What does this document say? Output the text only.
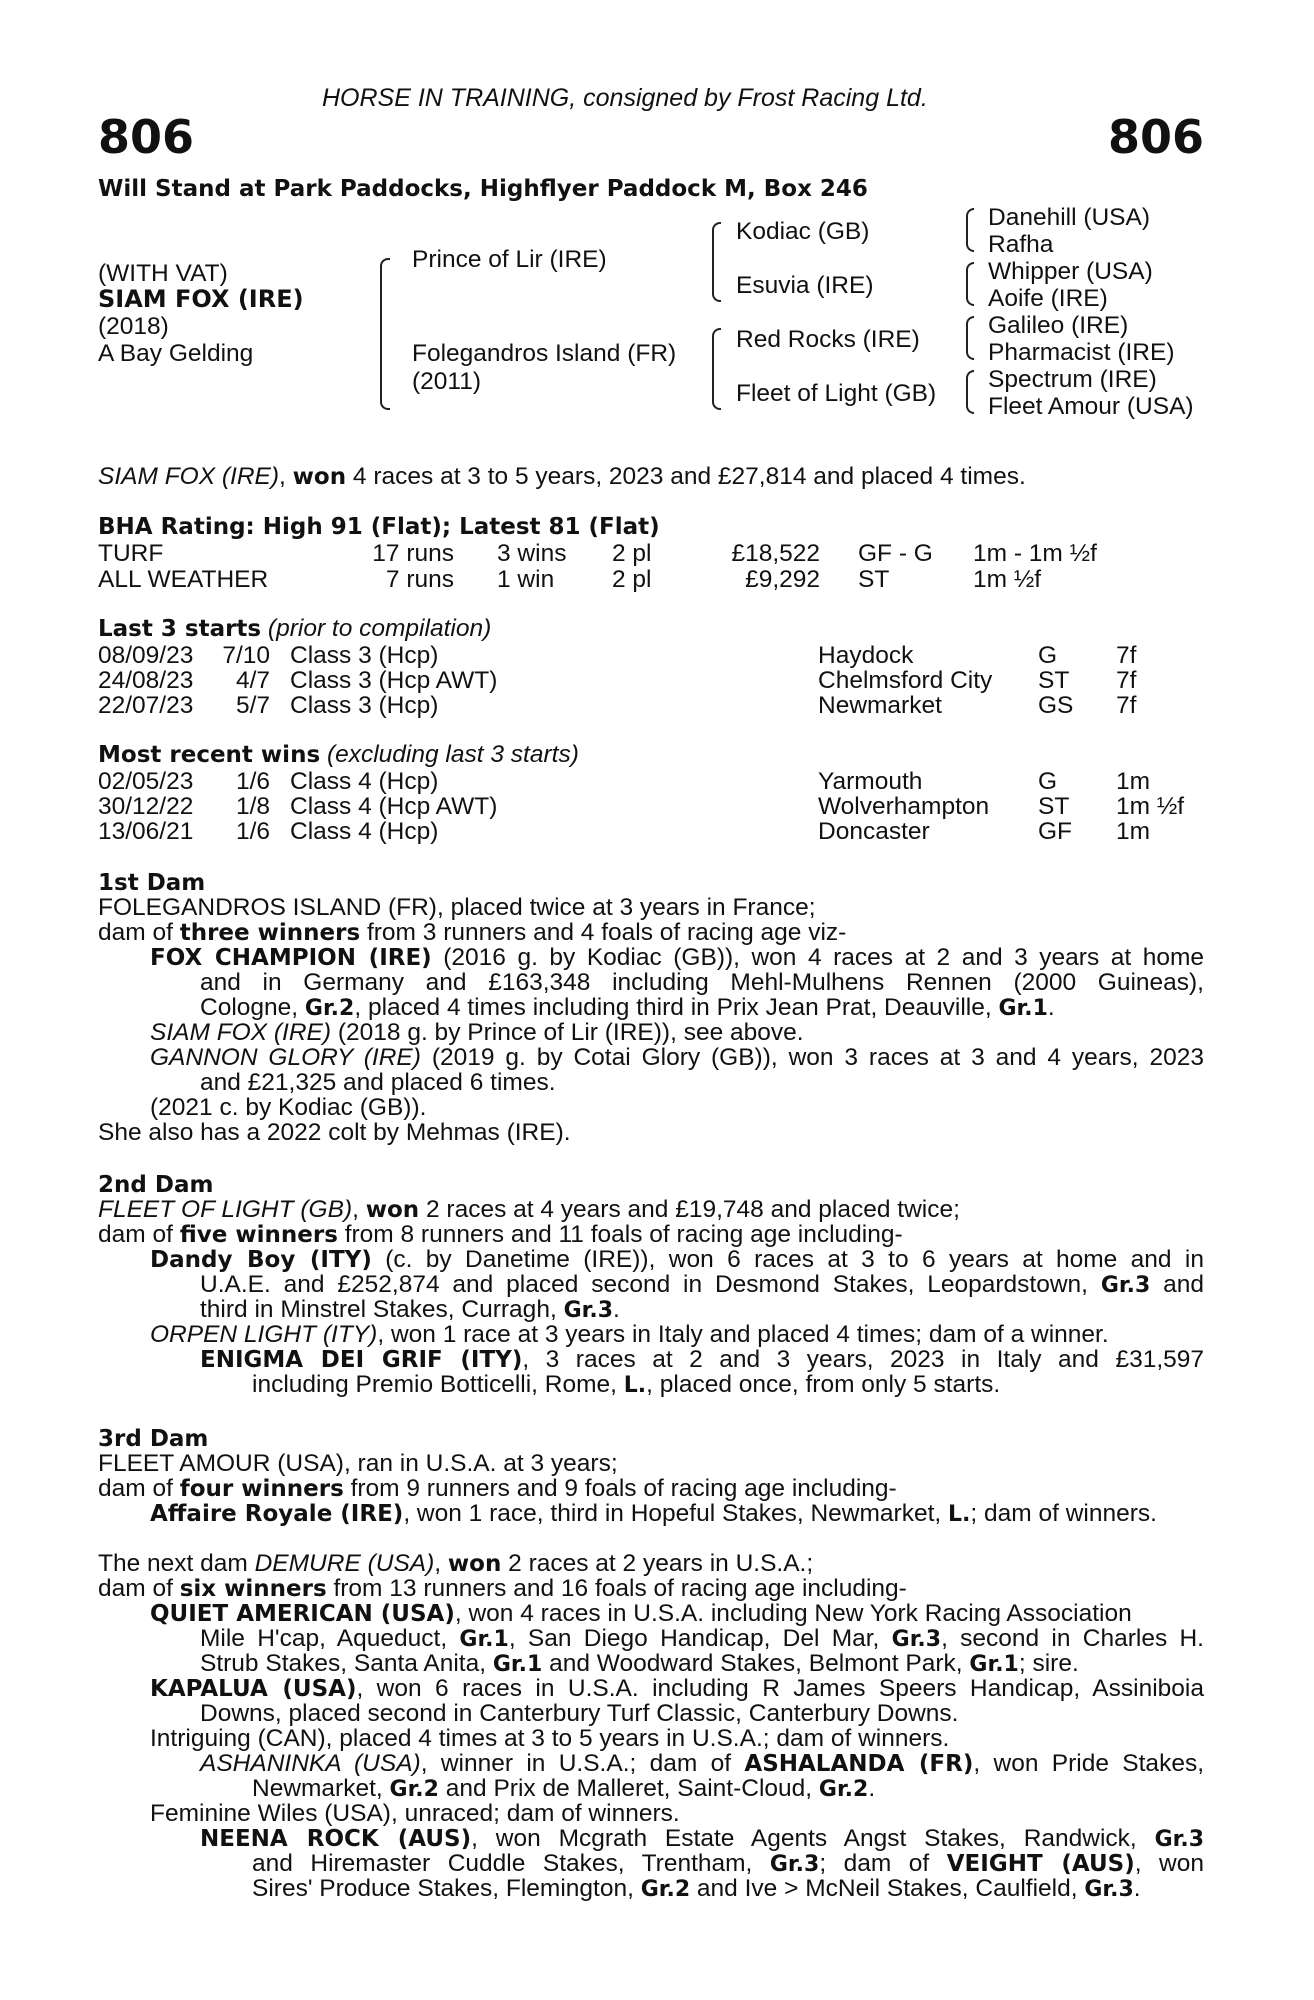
HORSE IN TRAINING, consigned by Frost Racing Ltd.
806	806
Will Stand at Park Paddocks, Highflyer Paddock M, Box 246
(WITH VAT)
SIAM FOX (IRE)
(2018)
A Bay Gelding
Prince of Lir (IRE)
Folegandros Island (FR)
(2011)
Kodiac (GB)
Esuvia (IRE)
Red Rocks (IRE)
Fleet of Light (GB)
Danehill (USA)
Rafha
Whipper (USA)
Aoife (IRE)
Galileo (IRE)
Pharmacist (IRE)
Spectrum (IRE)
Fleet Amour (USA)
SIAM FOX (IRE), won 4 races at 3 to 5 years, 2023 and £27,814 and placed 4 times.
BHA Rating: High 91 (Flat); Latest 81 (Flat)
TURF	17 runs 3 wins 2 pl	£18,522 GF - G 1m - 1m ½f
ALL WEATHER	7 runs 1 win 2 pl	£9,292 ST	1m ½f
Last 3 starts (prior to compilation)
08/09/23	7/10 Class 3 (Hcp)	Haydock	G 7f
24/08/23	4/7 Class 3 (Hcp AWT)	Chelmsford City ST 7f
22/07/23	5/7 Class 3 (Hcp)	Newmarket	GS 7f
Most recent wins (excluding last 3 starts)
02/05/23	1/6 Class 4 (Hcp)	Yarmouth	G 1m
30/12/22	1/8 Class 4 (Hcp AWT)	Wolverhampton ST 1m ½f
13/06/21	1/6 Class 4 (Hcp)	Doncaster	GF 1m
1st Dam
FOLEGANDROS ISLAND (FR), placed twice at 3 years in France;
dam of three winners from 3 runners and 4 foals of racing age viz-
FOX CHAMPION (IRE) (2016 g. by Kodiac (GB)), won 4 races at 2 and 3 years at home
and in Germany and £163,348 including Mehl-Mulhens Rennen (2000 Guineas),
Cologne, Gr.2, placed 4 times including third in Prix Jean Prat, Deauville, Gr.1.
SIAM FOX (IRE) (2018 g. by Prince of Lir (IRE)), see above.
GANNON GLORY (IRE) (2019 g. by Cotai Glory (GB)), won 3 races at 3 and 4 years, 2023
and £21,325 and placed 6 times.
(2021 c. by Kodiac (GB)).
She also has a 2022 colt by Mehmas (IRE).
2nd Dam
FLEET OF LIGHT (GB), won 2 races at 4 years and £19,748 and placed twice;
dam of five winners from 8 runners and 11 foals of racing age including-
Dandy Boy (ITY) (c. by Danetime (IRE)), won 6 races at 3 to 6 years at home and in
U.A.E. and £252,874 and placed second in Desmond Stakes, Leopardstown, Gr.3 and
third in Minstrel Stakes, Curragh, Gr.3.
ORPEN LIGHT (ITY), won 1 race at 3 years in Italy and placed 4 times; dam of a winner.
ENIGMA DEI GRIF (ITY), 3 races at 2 and 3 years, 2023 in Italy and £31,597
including Premio Botticelli, Rome, L., placed once, from only 5 starts.
3rd Dam
FLEET AMOUR (USA), ran in U.S.A. at 3 years;
dam of four winners from 9 runners and 9 foals of racing age including-
Affaire Royale (IRE), won 1 race, third in Hopeful Stakes, Newmarket, L.; dam of winners.
The next dam DEMURE (USA), won 2 races at 2 years in U.S.A.;
dam of six winners from 13 runners and 16 foals of racing age including-
QUIET AMERICAN (USA), won 4 races in U.S.A. including New York Racing Association
Mile H'cap, Aqueduct, Gr.1, San Diego Handicap, Del Mar, Gr.3, second in Charles H.
Strub Stakes, Santa Anita, Gr.1 and Woodward Stakes, Belmont Park, Gr.1; sire.
KAPALUA (USA), won 6 races in U.S.A. including R James Speers Handicap, Assiniboia
Downs, placed second in Canterbury Turf Classic, Canterbury Downs.
Intriguing (CAN), placed 4 times at 3 to 5 years in U.S.A.; dam of winners.
ASHANINKA (USA), winner in U.S.A.; dam of ASHALANDA (FR), won Pride Stakes,
Newmarket, Gr.2 and Prix de Malleret, Saint-Cloud, Gr.2.
Feminine Wiles (USA), unraced; dam of winners.
NEENA ROCK (AUS), won Mcgrath Estate Agents Angst Stakes, Randwick, Gr.3
and Hiremaster Cuddle Stakes, Trentham, Gr.3; dam of VEIGHT (AUS), won
Sires' Produce Stakes, Flemington, Gr.2 and Ive > McNeil Stakes, Caulfield, Gr.3.
